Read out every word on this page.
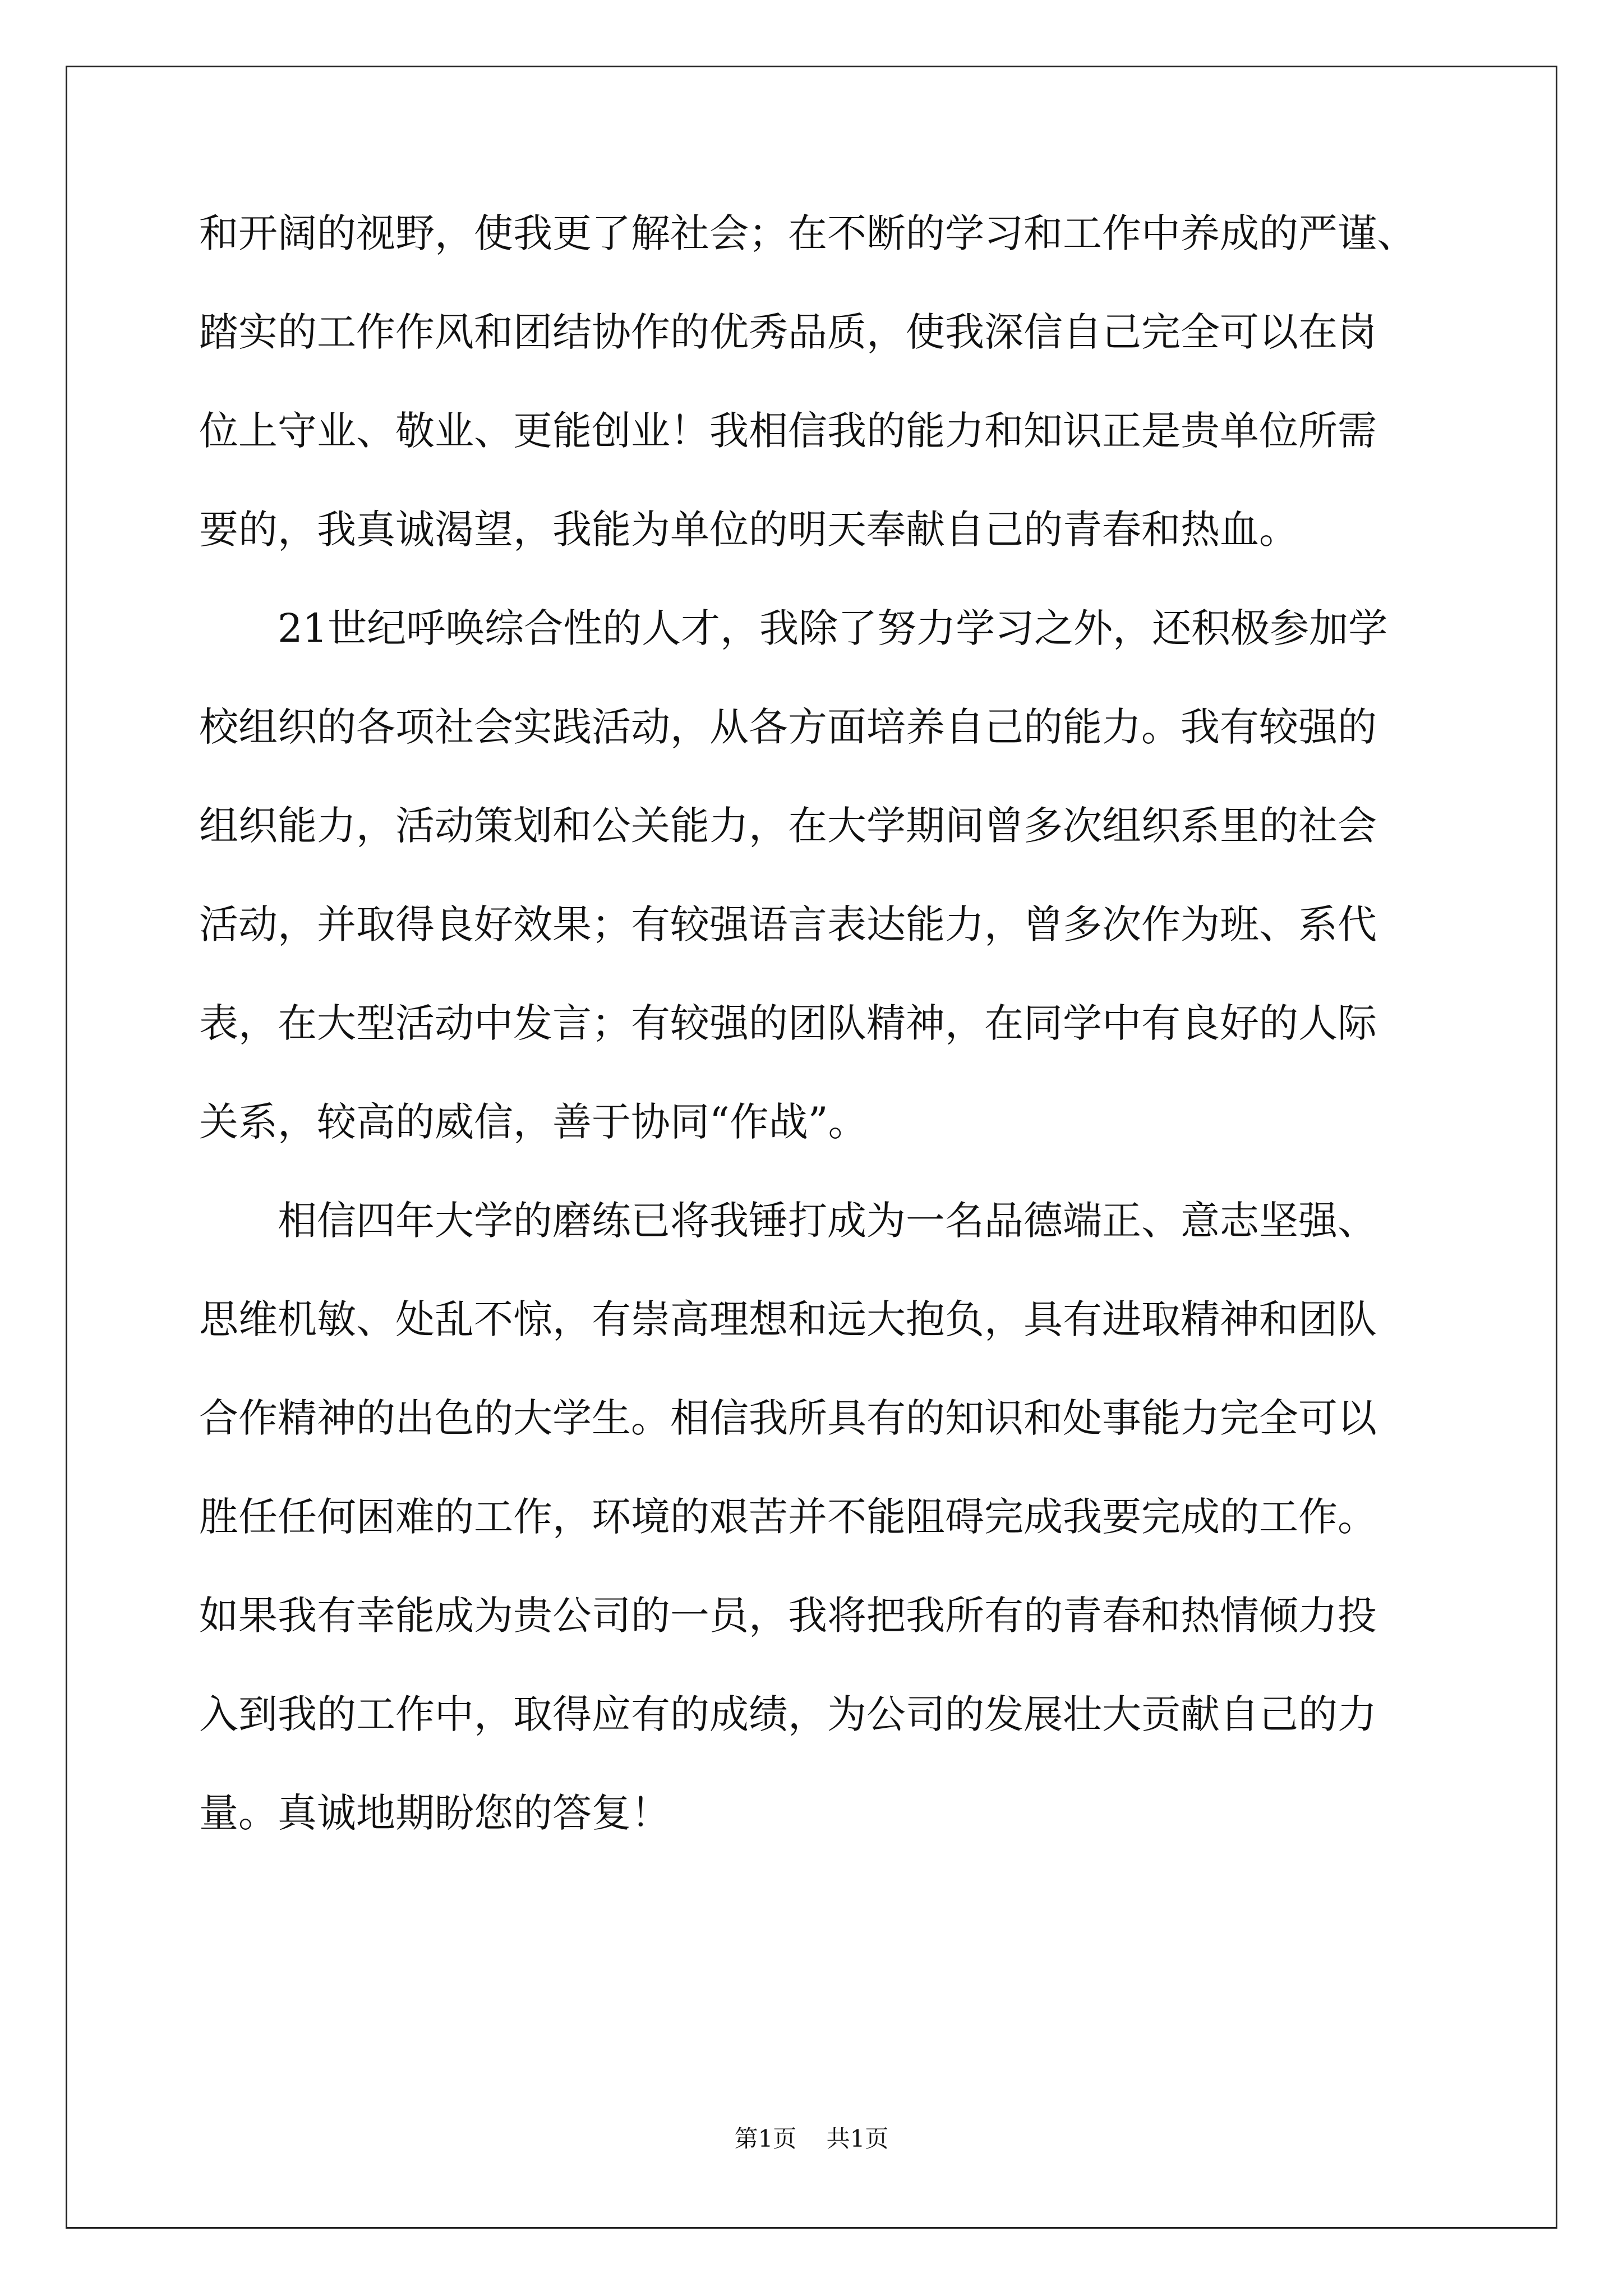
和开阔的视野，使我更了解社会；在不断的学习和工作中养成的严谨、
踏实的工作作风和团结协作的优秀品质，使我深信自己完全可以在岗
位上守业、敬业、更能创业！我相信我的能力和知识正是贵单位所需
要的，我真诚渴望，我能为单位的明天奉献自己的青春和热血。
21世纪呼唤综合性的人才，我除了努力学习之外，还积极参加学
校组织的各项社会实践活动，从各方面培养自己的能力。我有较强的
组织能力，活动策划和公关能力，在大学期间曾多次组织系里的社会
活动，并取得良好效果；有较强语言表达能力，曾多次作为班、系代
表，在大型活动中发言；有较强的团队精神，在同学中有良好的人际
关系，较高的威信，善于协同“作战”。
相信四年大学的磨练已将我锤打成为一名品德端正、意志坚强、
思维机敏、处乱不惊，有崇高理想和远大抱负，具有进取精神和团队
合作精神的出色的大学生。相信我所具有的知识和处事能力完全可以
胜任任何困难的工作，环境的艰苦并不能阻碍完成我要完成的工作。
如果我有幸能成为贵公司的一员，我将把我所有的青春和热情倾力投
入到我的工作中，取得应有的成绩，为公司的发展壮大贡献自己的力
量。真诚地期盼您的答复！
第1页 共1页
